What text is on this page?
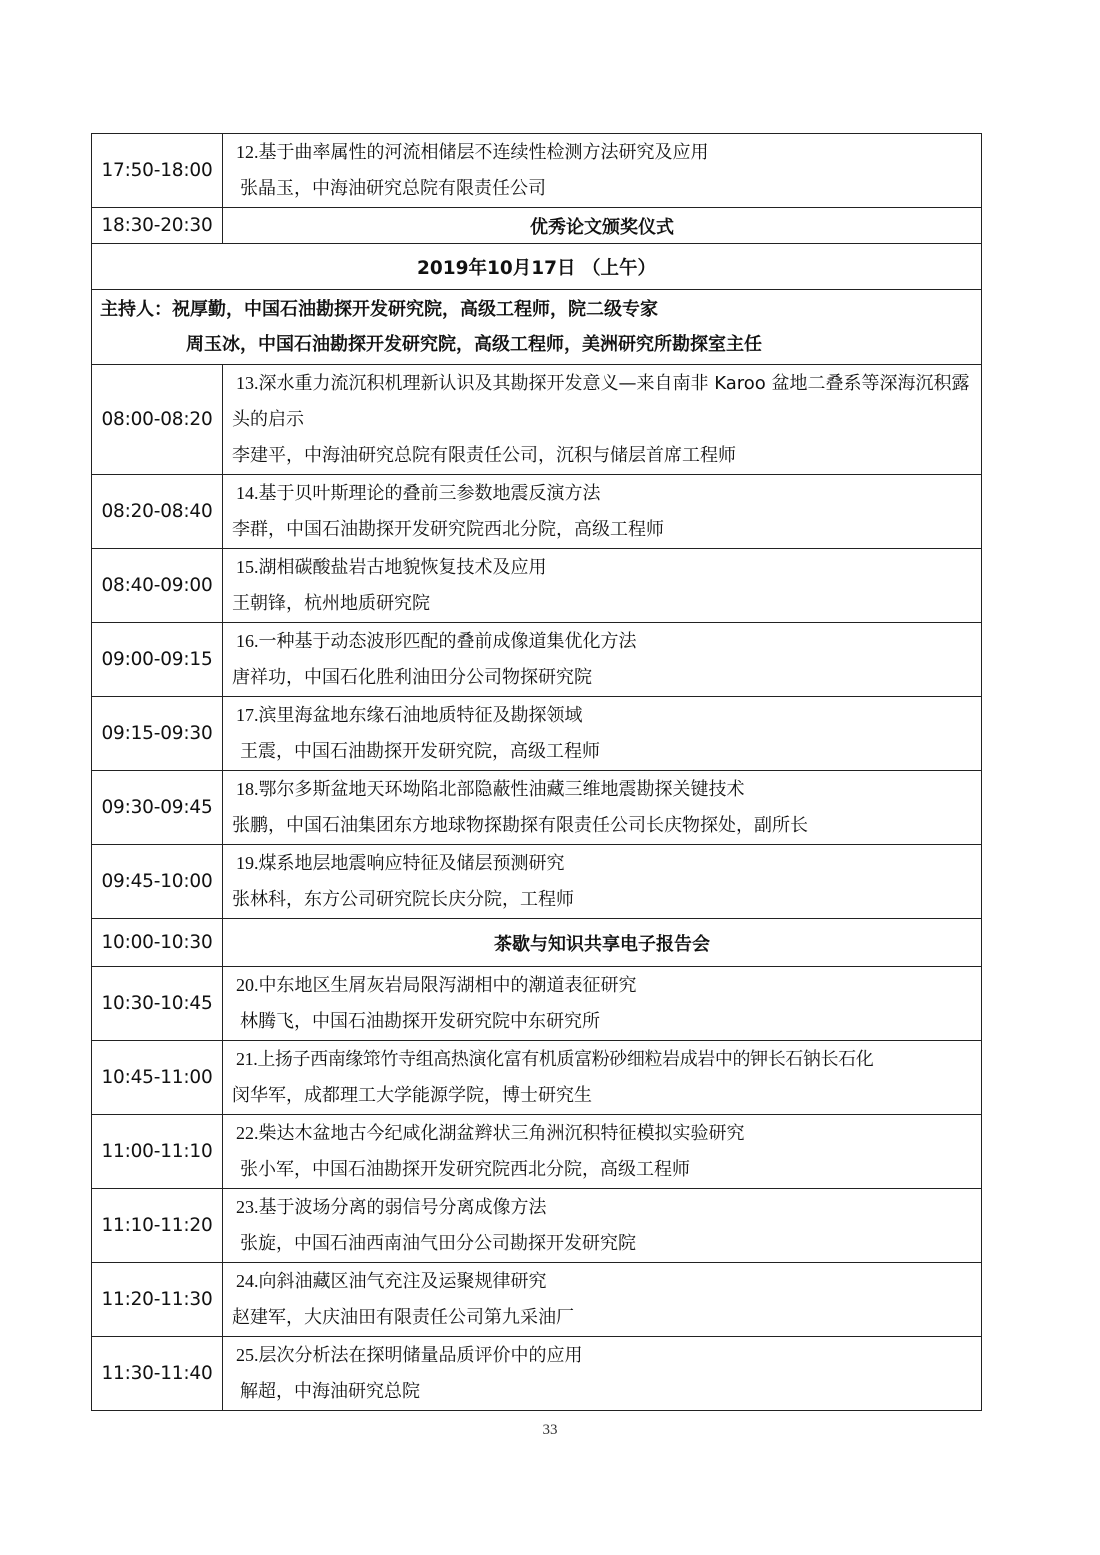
17:50-18:00	12.基于曲率属性的河流相储层不连续性检测方法研究及应用
张晶玉，中海油研究总院有限责任公司

18:30-20:30	优秀论文颁奖仪式
2019年10月17日 （上午）	

主持人：祝厚勤，中国石油勘探开发研究院，高级工程师，院二级专家
周玉冰，中国石油勘探开发研究院，高级工程师，美洲研究所勘探室主任	

08:00-08:20	13.深水重力流沉积机理新认识及其勘探开发意义—来自南非 Karoo 盆地二叠系等深海沉积露头的启示
李建平，中海油研究总院有限责任公司，沉积与储层首席工程师

08:20-08:40	14.基于贝叶斯理论的叠前三参数地震反演方法
李群，中国石油勘探开发研究院西北分院，高级工程师

08:40-09:00	15.湖相碳酸盐岩古地貌恢复技术及应用
王朝锋，杭州地质研究院

09:00-09:15	16.一种基于动态波形匹配的叠前成像道集优化方法
唐祥功，中国石化胜利油田分公司物探研究院

09:15-09:30	17.滨里海盆地东缘石油地质特征及勘探领域
王震，中国石油勘探开发研究院，高级工程师

09:30-09:45	18.鄂尔多斯盆地天环坳陷北部隐蔽性油藏三维地震勘探关键技术
张鹏，中国石油集团东方地球物探勘探有限责任公司长庆物探处，副所长

09:45-10:00	19.煤系地层地震响应特征及储层预测研究
张林科，东方公司研究院长庆分院，工程师

10:00-10:30	茶歇与知识共享电子报告会
10:30-10:45	20.中东地区生屑灰岩局限泻湖相中的潮道表征研究
林腾飞，中国石油勘探开发研究院中东研究所

10:45-11:00	21.上扬子西南缘筇竹寺组高热演化富有机质富粉砂细粒岩成岩中的钾长石钠长石化
闵华军，成都理工大学能源学院，博士研究生

11:00-11:10	22.柴达木盆地古今纪咸化湖盆辫状三角洲沉积特征模拟实验研究
张小军，中国石油勘探开发研究院西北分院，高级工程师

11:10-11:20	23.基于波场分离的弱信号分离成像方法
张旋，中国石油西南油气田分公司勘探开发研究院

11:20-11:30	24.向斜油藏区油气充注及运聚规律研究
赵建军，大庆油田有限责任公司第九采油厂

11:30-11:40	25.层次分析法在探明储量品质评价中的应用
解超，中海油研究总院
33
